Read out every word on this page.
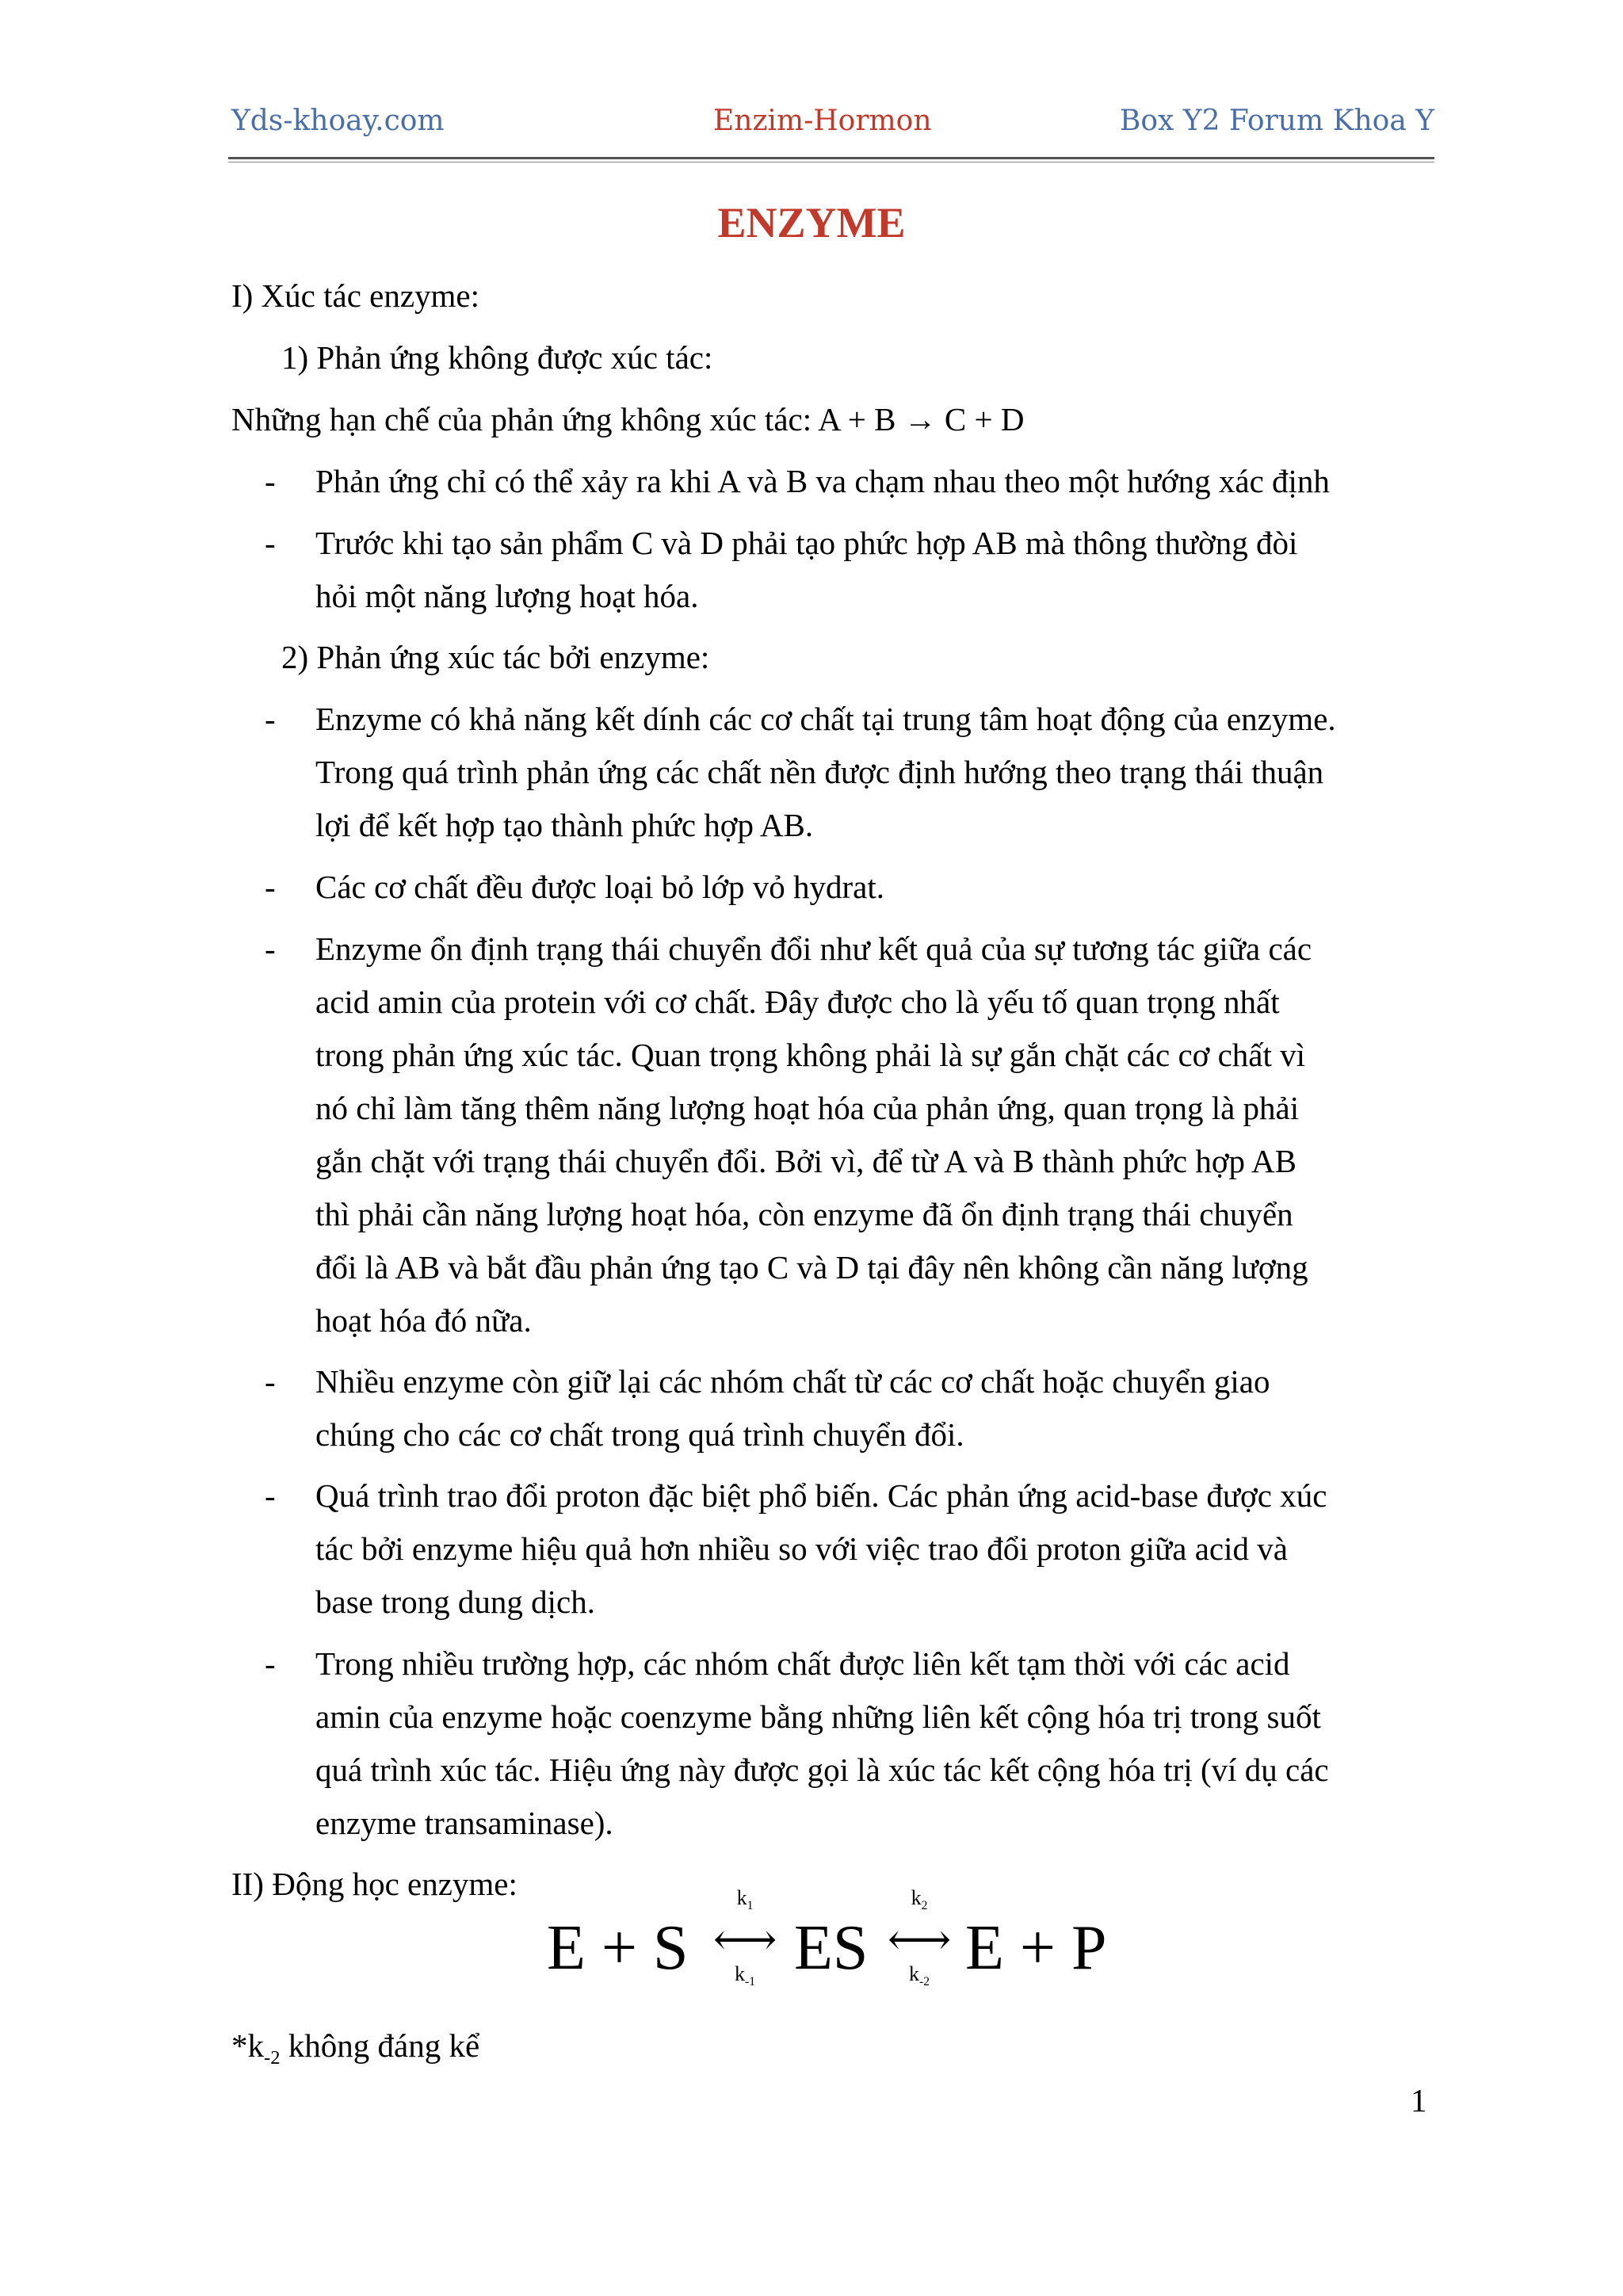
Yds-khoay.com	Enzim-Hormon	Box Y2 Forum Khoa Y
ENZYME
I) Xúc tác enzyme:
1) Phản ứng không được xúc tác:
Những hạn chế của phản ứng không xúc tác: A + B → C + D
- Phản ứng chỉ có thể xảy ra khi A và B va chạm nhau theo một hướng xác định
- Trước khi tạo sản phẩm C và D phải tạo phức hợp AB mà thông thường đòi
hỏi một năng lượng hoạt hóa.
2) Phản ứng xúc tác bởi enzyme:
- Enzyme có khả năng kết dính các cơ chất tại trung tâm hoạt động của enzyme.
Trong quá trình phản ứng các chất nền được định hướng theo trạng thái thuận
lợi để kết hợp tạo thành phức hợp AB.
- Các cơ chất đều được loại bỏ lớp vỏ hydrat.
- Enzyme ổn định trạng thái chuyển đổi như kết quả của sự tương tác giữa các
acid amin của protein với cơ chất. Đây được cho là yếu tố quan trọng nhất
trong phản ứng xúc tác. Quan trọng không phải là sự gắn chặt các cơ chất vì
nó chỉ làm tăng thêm năng lượng hoạt hóa của phản ứng, quan trọng là phải
gắn chặt với trạng thái chuyển đổi. Bởi vì, để từ A và B thành phức hợp AB
thì phải cần năng lượng hoạt hóa, còn enzyme đã ổn định trạng thái chuyển
đổi là AB và bắt đầu phản ứng tạo C và D tại đây nên không cần năng lượng
hoạt hóa đó nữa.
- Nhiều enzyme còn giữ lại các nhóm chất từ các cơ chất hoặc chuyển giao
chúng cho các cơ chất trong quá trình chuyển đổi.
- Quá trình trao đổi proton đặc biệt phổ biến. Các phản ứng acid-base được xúc
tác bởi enzyme hiệu quả hơn nhiều so với việc trao đổi proton giữa acid và
base trong dung dịch.
- Trong nhiều trường hợp, các nhóm chất được liên kết tạm thời với các acid
amin của enzyme hoặc coenzyme bằng những liên kết cộng hóa trị trong suốt
quá trình xúc tác. Hiệu ứng này được gọi là xúc tác kết cộng hóa trị (ví dụ các
enzyme transaminase).
II) Động học enzyme:
$*k_{-2}$ không đáng kể
E + S
$k_1$
⟷
$k_{-1}$ ES
$k_2$
⟷
$k_{-2}$ E + P
1
